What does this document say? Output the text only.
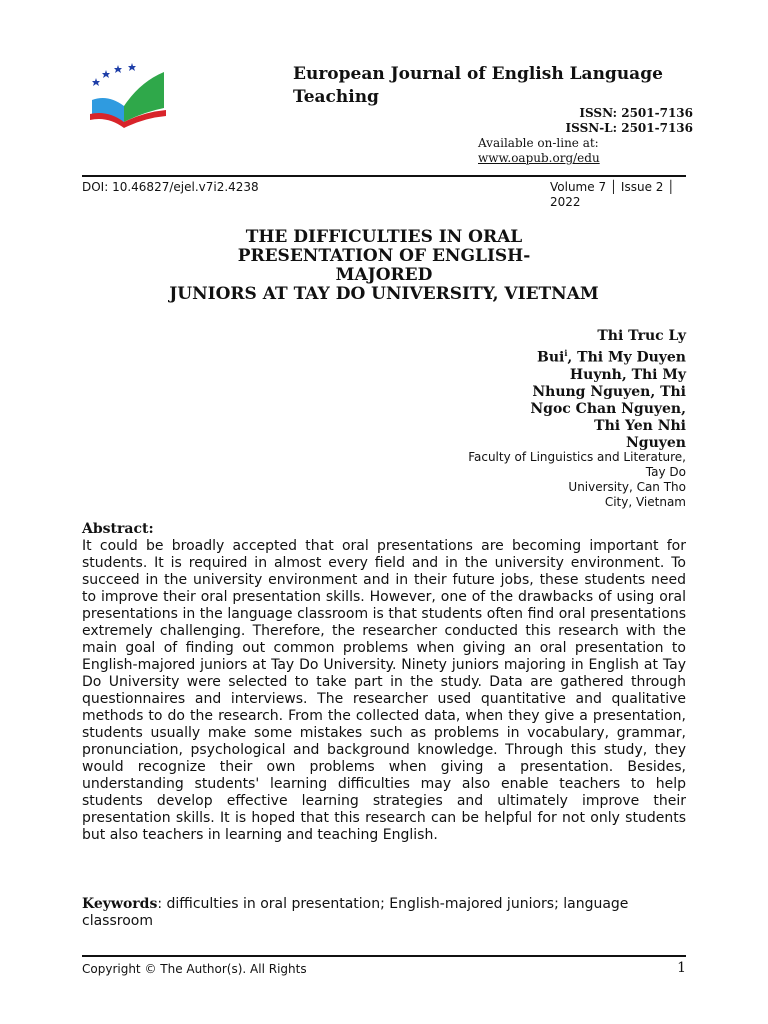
European Journal of English Language Teaching
ISSN: 2501-7136
ISSN-L: 2501-7136
Available on-line at:
www.oapub.org/edu
DOI: 10.46827/ejel.v7i2.4238	Volume 7 │ Issue 2 │
2022
THE DIFFICULTIES IN ORAL
PRESENTATION OF ENGLISH-
MAJORED
JUNIORS AT TAY DO UNIVERSITY, VIETNAM
Thi Truc Ly
Bui$^i$, Thi My Duyen
Huynh, Thi My
Nhung Nguyen, Thi
Ngoc Chan Nguyen,
Thi Yen Nhi
Nguyen
Faculty of Linguistics and Literature,
Tay Do
University, Can Tho
City, Vietnam
Abstract:
It could be broadly accepted that oral presentations are becoming important for students. It is required in almost every field and in the university environment. To succeed in the university environment and in their future jobs, these students need to improve their oral presentation skills. However, one of the drawbacks of using oral presentations in the language classroom is that students often find oral presentations extremely challenging. Therefore, the researcher conducted this research with the main goal of finding out common problems when giving an oral presentation to English-majored juniors at Tay Do University. Ninety juniors majoring in English at Tay Do University were selected to take part in the study. Data are gathered through questionnaires and interviews. The researcher used quantitative and qualitative methods to do the research. From the collected data, when they give a presentation, students usually make some mistakes such as problems in vocabulary, grammar, pronunciation, psychological and background knowledge. Through this study, they would recognize their own problems when giving a presentation. Besides, understanding students' learning difficulties may also enable teachers to help students develop effective learning strategies and ultimately improve their presentation skills. It is hoped that this research can be helpful for not only students but also teachers in learning and teaching English.
Keywords: difficulties in oral presentation; English-majored juniors; language classroom
Copyright © The Author(s). All Rights	1
